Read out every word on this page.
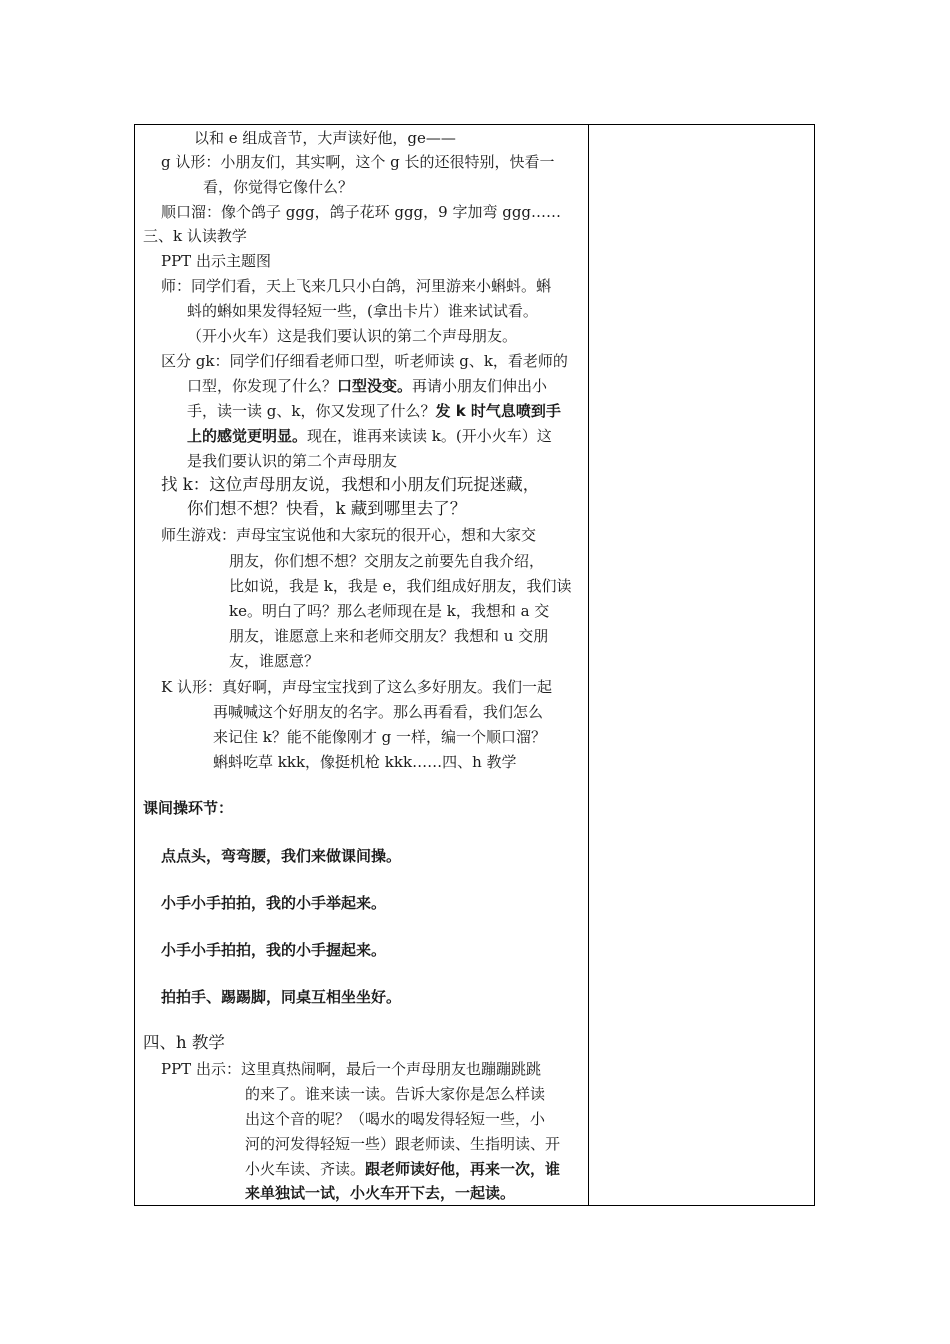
以和 e 组成音节，大声读好他，ge——
g 认形：小朋友们，其实啊，这个 g 长的还很特别，快看一
看，你觉得它像什么？
顺口溜：像个鸽子 ggg，鸽子花环 ggg，9 字加弯 ggg……
三、k 认读教学
PPT 出示主题图
师：同学们看，天上飞来几只小白鸽，河里游来小蝌蚪。蝌
蚪的蝌如果发得轻短一些，(拿出卡片）谁来试试看。
（开小火车）这是我们要认识的第二个声母朋友。
区分 gk：同学们仔细看老师口型，听老师读 g、k，看老师的
口型，你发现了什么？口型没变。再请小朋友们伸出小
手，读一读 g、k，你又发现了什么？发 k 时气息喷到手
上的感觉更明显。现在，谁再来读读 k。(开小火车）这
是我们要认识的第二个声母朋友
找 k：这位声母朋友说，我想和小朋友们玩捉迷藏，
你们想不想？快看，k 藏到哪里去了？
师生游戏：声母宝宝说他和大家玩的很开心，想和大家交
朋友，你们想不想？交朋友之前要先自我介绍，
比如说，我是 k，我是 e，我们组成好朋友，我们读
ke。明白了吗？那么老师现在是 k，我想和 a 交
朋友，谁愿意上来和老师交朋友？我想和 u 交朋
友，谁愿意？
K 认形：真好啊，声母宝宝找到了这么多好朋友。我们一起
再喊喊这个好朋友的名字。那么再看看，我们怎么
来记住 k？能不能像刚才 g 一样，编一个顺口溜？
蝌蚪吃草 kkk，像挺机枪 kkk……四、h 教学
课间操环节：
点点头，弯弯腰，我们来做课间操。
小手小手拍拍，我的小手举起来。
小手小手拍拍，我的小手握起来。
拍拍手、踢踢脚，同桌互相坐坐好。
四、h 教学
PPT 出示：这里真热闹啊，最后一个声母朋友也蹦蹦跳跳
的来了。谁来读一读。告诉大家你是怎么样读
出这个音的呢？（喝水的喝发得轻短一些，小
河的河发得轻短一些）跟老师读、生指明读、开
小火车读、齐读。跟老师读好他，再来一次，谁
来单独试一试，小火车开下去，一起读。
